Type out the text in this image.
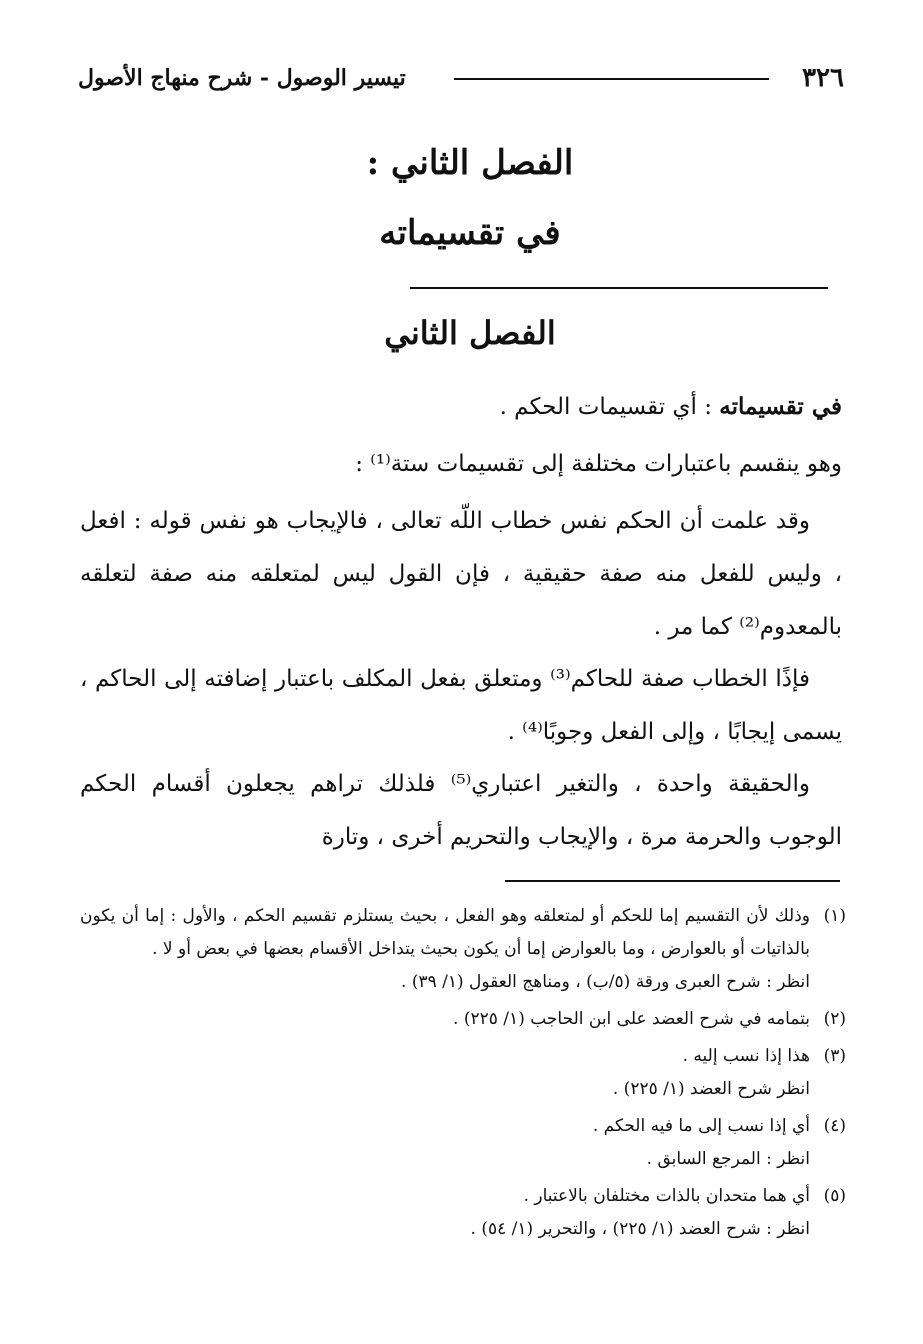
٣٢٦
تيسير الوصول - شرح منهاج الأصول
الفصل الثاني :
في تقسيماته
الفصل الثاني
في تقسيماته : أي تقسيمات الحكم .
وهو ينقسم باعتبارات مختلفة إلى تقسيمات ستة⁽¹⁾ :
وقد علمت أن الحكم نفس خطاب اللّه تعالى ، فالإيجاب هو نفس قوله : افعل ، وليس للفعل منه صفة حقيقية ، فإن القول ليس لمتعلقه منه صفة لتعلقه بالمعدوم⁽²⁾ كما مر .
فإذًا الخطاب صفة للحاكم⁽³⁾ ومتعلق بفعل المكلف باعتبار إضافته إلى الحاكم ، يسمى إيجابًا ، وإلى الفعل وجوبًا⁽⁴⁾ .
والحقيقة واحدة ، والتغير اعتباري⁽⁵⁾ فلذلك تراهم يجعلون أقسام الحكم الوجوب والحرمة مرة ، والإيجاب والتحريم أخرى ، وتارة
(١)
وذلك لأن التقسيم إما للحكم أو لمتعلقه وهو الفعل ، بحيث يستلزم تقسيم الحكم ، والأول : إما أن يكون بالذاتيات أو بالعوارض ، وما بالعوارض إما أن يكون بحيث يتداخل الأقسام بعضها في بعض أو لا .
انظر : شرح العبرى ورقة (٥/ب) ، ومناهج العقول (١/ ٣٩) .
(٢)
بتمامه في شرح العضد على ابن الحاجب (١/ ٢٢٥) .
(٣)
هذا إذا نسب إليه .
انظر شرح العضد (١/ ٢٢٥) .
(٤)
أي إذا نسب إلى ما فيه الحكم .
انظر : المرجع السابق .
(٥)
أي هما متحدان بالذات مختلفان بالاعتبار .
انظر : شرح العضد (١/ ٢٢٥) ، والتحرير (١/ ٥٤) .
